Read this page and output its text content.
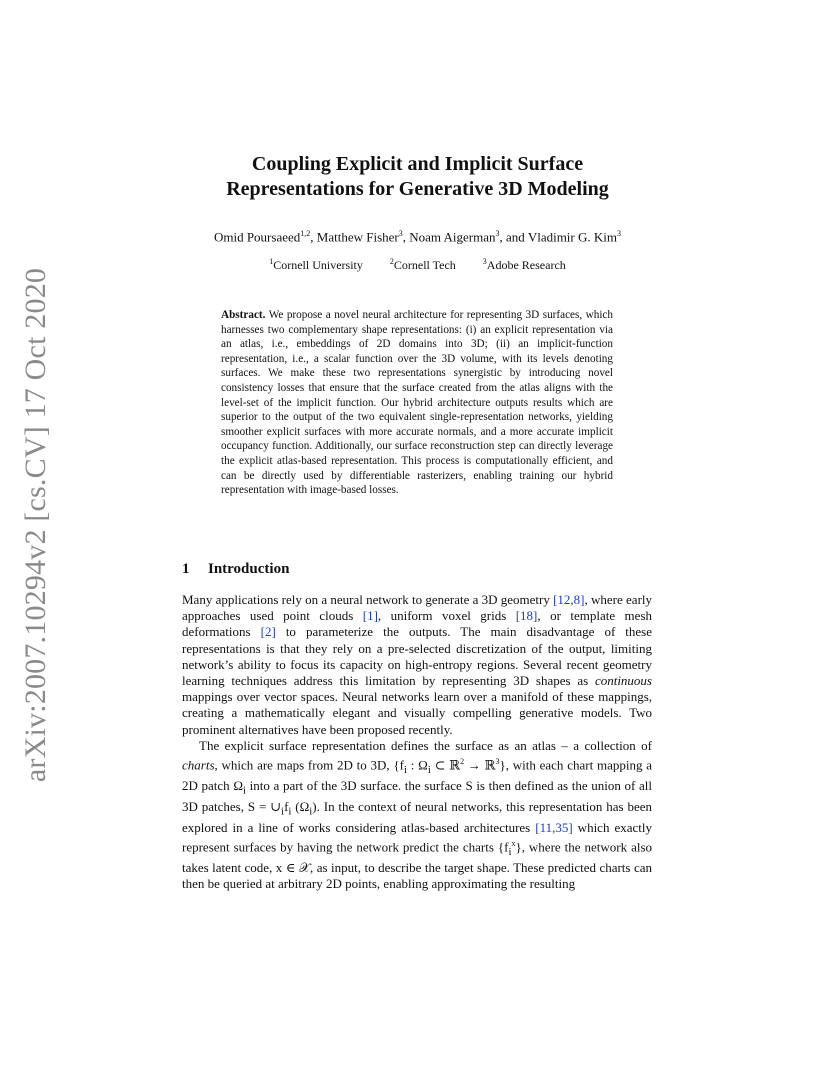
arXiv:2007.10294v2 [cs.CV] 17 Oct 2020
Coupling Explicit and Implicit Surface
Representations for Generative 3D Modeling
Omid Poursaeed$^{1,2}$, Matthew Fisher$^3$, Noam Aigerman$^3$, and Vladimir G. Kim$^3$
$^1$Cornell University	$^2$Cornell Tech	$^3$Adobe Research
Abstract. We propose a novel neural architecture for representing 3D surfaces, which harnesses two complementary shape representations: (i) an explicit representation via an atlas, i.e., embeddings of 2D domains into 3D; (ii) an implicit-function representation, i.e., a scalar function over the 3D volume, with its levels denoting surfaces. We make these two representations synergistic by introducing novel consistency losses that ensure that the surface created from the atlas aligns with the level-set of the implicit function. Our hybrid architecture outputs results which are superior to the output of the two equivalent single-representation networks, yielding smoother explicit surfaces with more accurate normals, and a more accurate implicit occupancy function. Additionally, our surface reconstruction step can directly leverage the explicit atlas-based representation. This process is computationally efficient, and can be directly used by differentiable rasterizers, enabling training our hybrid representation with image-based losses.
1 Introduction

Many applications rely on a neural network to generate a 3D geometry [12,8], where early approaches used point clouds [1], uniform voxel grids [18], or template mesh deformations [2] to parameterize the outputs. The main disadvantage of these representations is that they rely on a pre-selected discretization of the output, limiting network’s ability to focus its capacity on high-entropy regions. Several recent geometry learning techniques address this limitation by representing 3D shapes as continuous mappings over vector spaces. Neural networks learn over a manifold of these mappings, creating a mathematically elegant and visually compelling generative models. Two prominent alternatives have been proposed recently.

The explicit surface representation defines the surface as an atlas – a collection of charts, which are maps from 2D to 3D, {$f_i$ : $\Omega_i$ ⊂ ℝ$^2$ → ℝ$^3$}, with each chart mapping a 2D patch $\Omega_i$ into a part of the 3D surface. the surface S is then defined as the union of all 3D patches, $S = \cup_if_i$ $(\Omega_i)$. In the context of neural networks, this representation has been explored in a line of works considering atlas-based architectures [11,35] which exactly represent surfaces by having the network predict the charts $\{f_i^x\}$, where the network also takes latent code, x ∈ 𝒳, as input, to describe the target shape. These predicted charts can then be queried at arbitrary 2D points, enabling approximating the resulting
